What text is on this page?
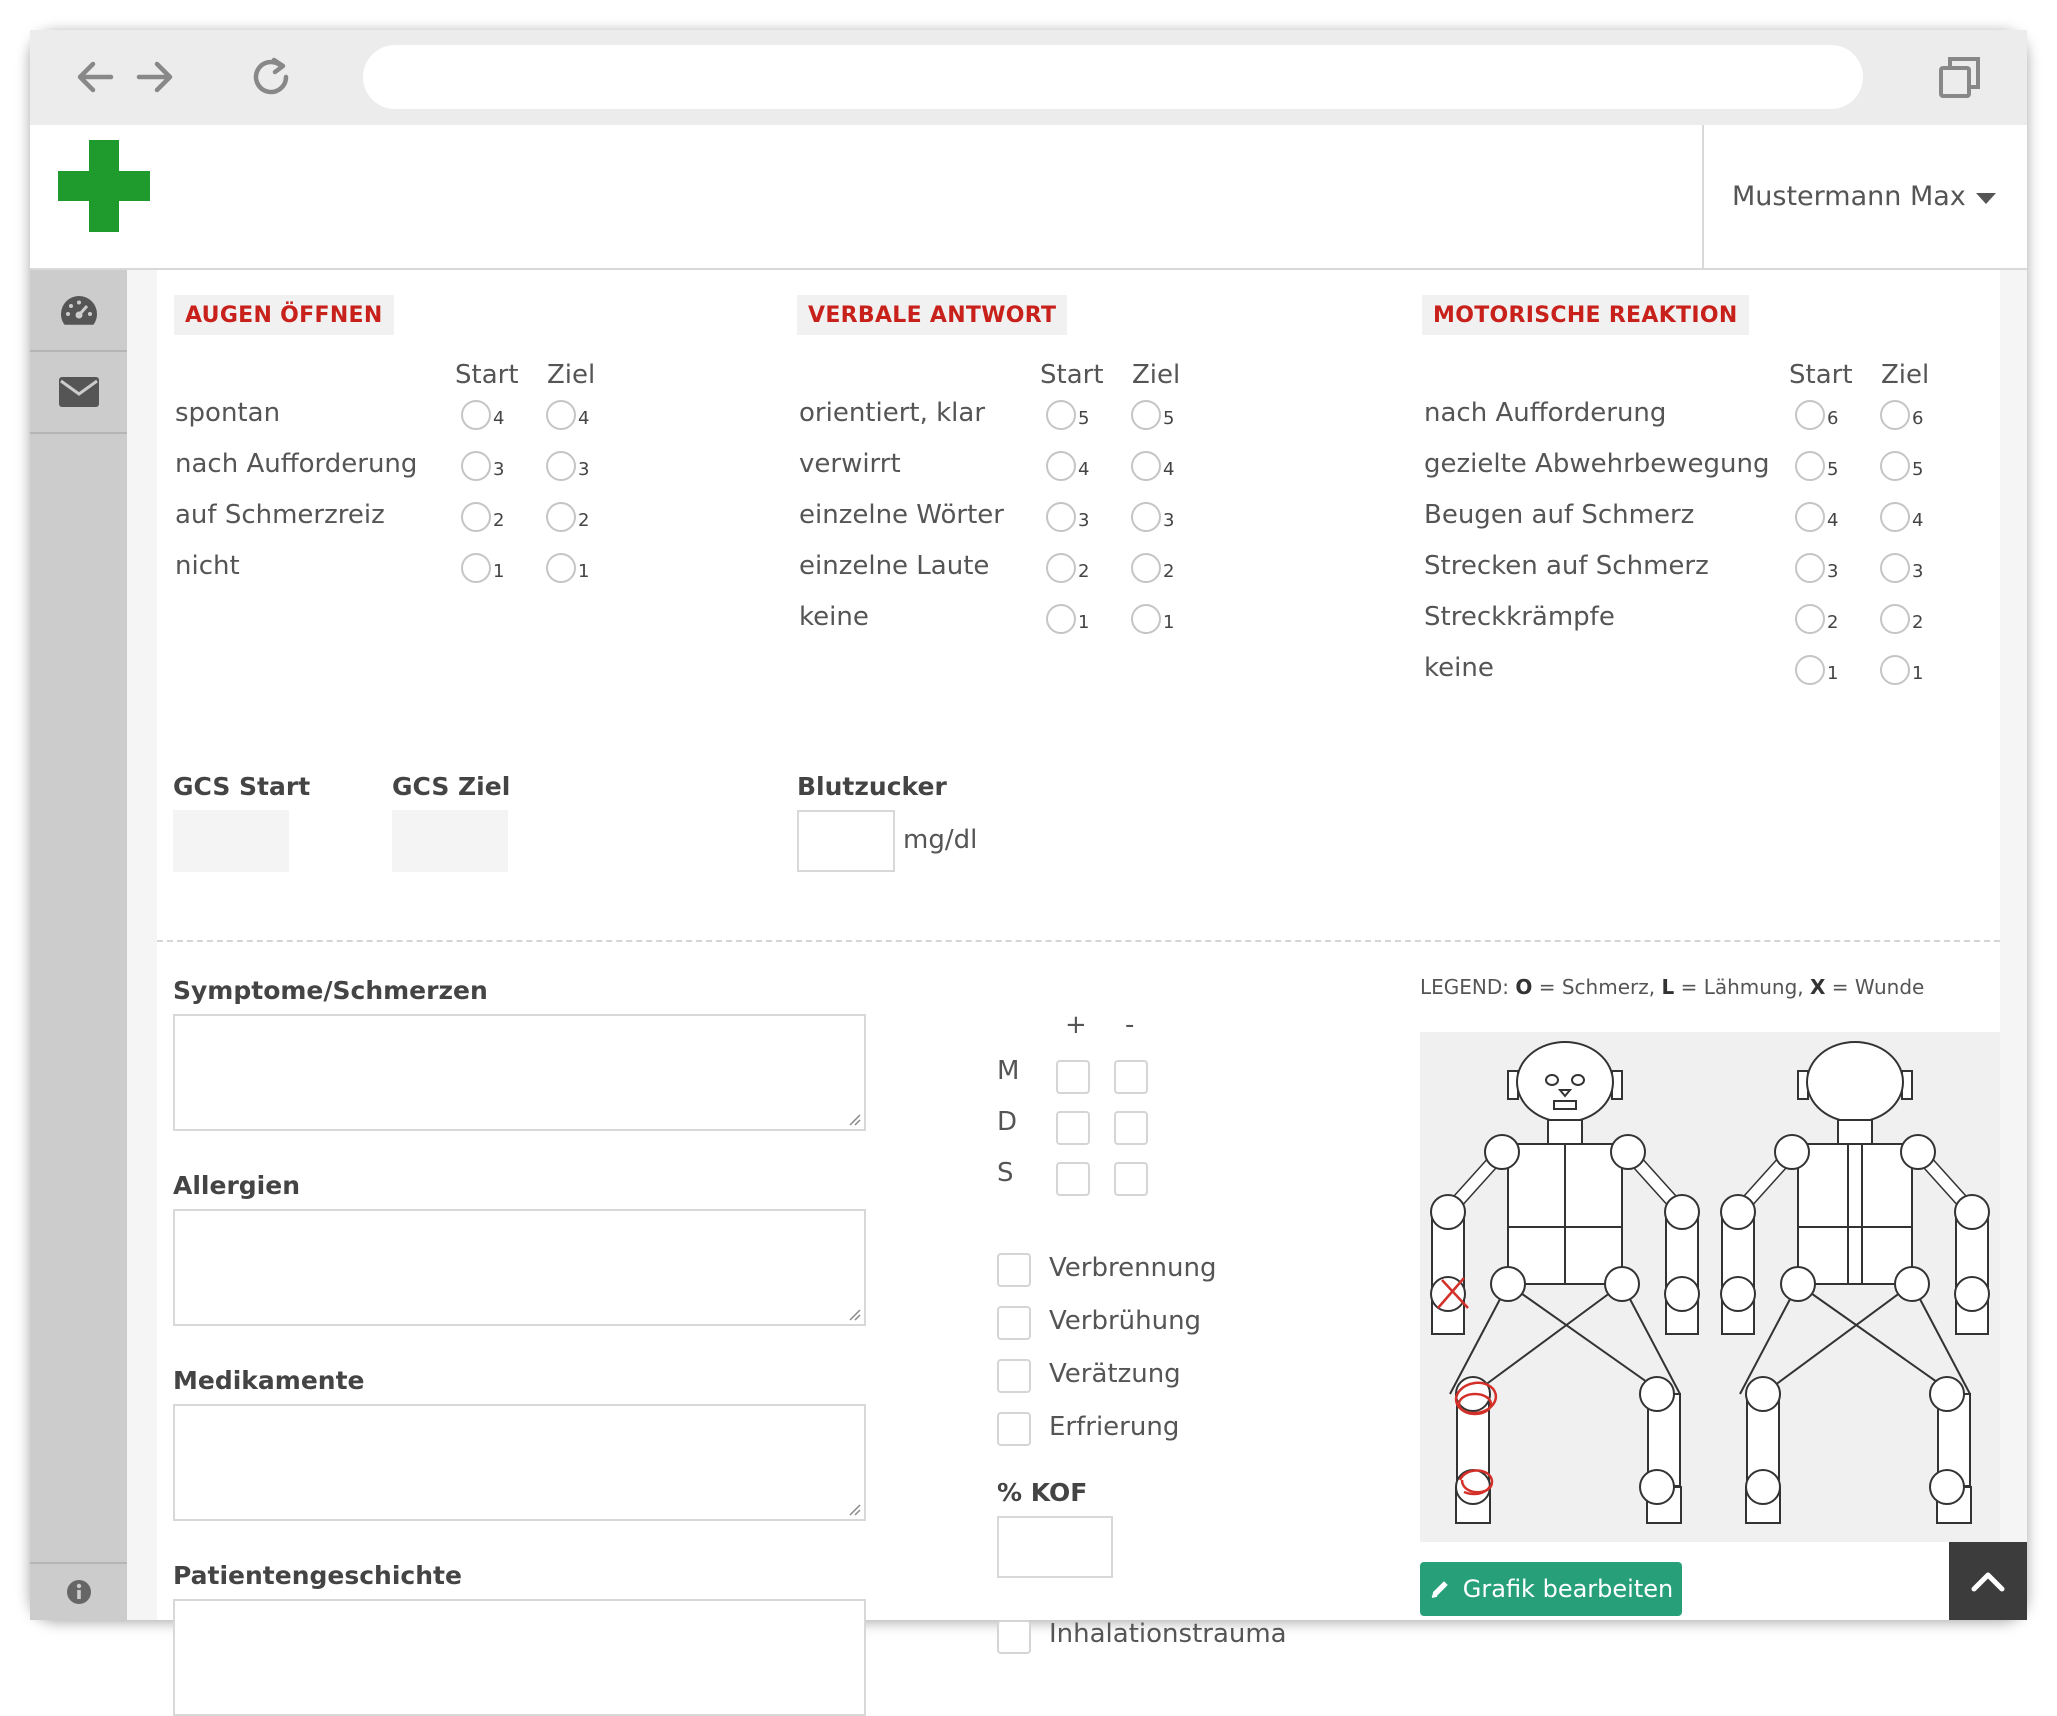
Mustermann Max
AUGEN ÖFFNEN
Start Ziel
spontan	4	4
nach Aufforderung	3	3
auf Schmerzreiz	2	2
nicht	1	1
VERBALE ANTWORT
Start Ziel
orientiert, klar	5	5
verwirrt	4	4
einzelne Wörter	3	3
einzelne Laute	2	2
keine	1	1
MOTORISCHE REAKTION
Start Ziel
nach Aufforderung	6	6
gezielte Abwehrbewegung	5	5
Beugen auf Schmerz	4	4
Strecken auf Schmerz	3	3
Streckkrämpfe	2	2
keine	1	1
GCS Start	GCS Ziel	Blutzucker
mg/dl
Symptome/Schmerzen
Allergien
Medikamente
Patientengeschichte
+ -
M
D
S
Verbrennung
Verbrühung
Verätzung
Erfrierung
% KOF
Inhalationstrauma
LEGEND: O = Schmerz, L = Lähmung, X = Wunde
Grafik bearbeiten
